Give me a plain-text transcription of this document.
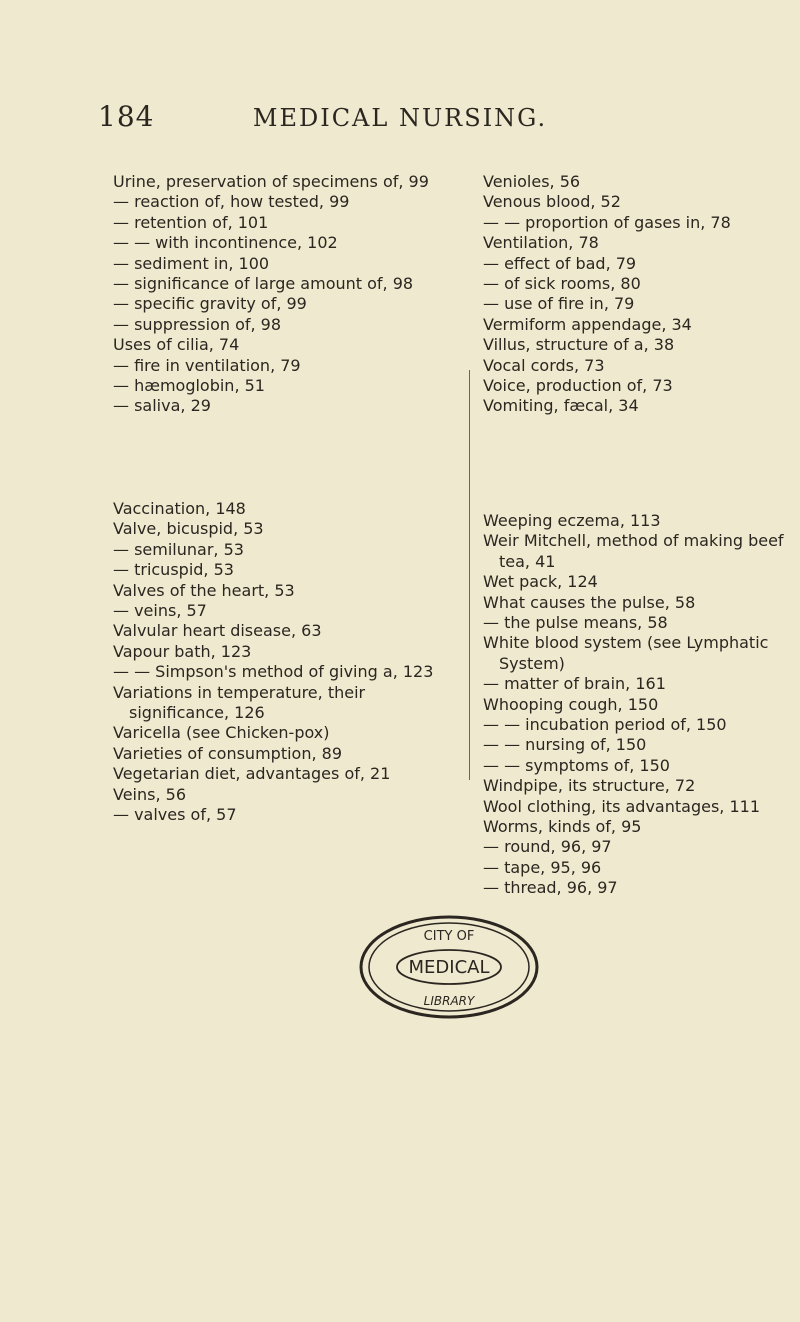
184	MEDICAL NURSING.

Urine, preservation of specimens of, 99

— reaction of, how tested, 99

— retention of, 101

— — with incontinence, 102

— sediment in, 100

— significance of large amount of, 98

— specific gravity of, 99

— suppression of, 98

Uses of cilia, 74

— fire in ventilation, 79

— hæmoglobin, 51

— saliva, 29

Vaccination, 148

Valve, bicuspid, 53

— semilunar, 53

— tricuspid, 53

Valves of the heart, 53

— veins, 57

Valvular heart disease, 63

Vapour bath, 123

— — Simpson's method of giving a, 123

Variations in temperature, their significance, 126

Varicella (see Chicken-pox)

Varieties of consumption, 89

Vegetarian diet, advantages of, 21

Veins, 56

— valves of, 57

Venioles, 56

Venous blood, 52

— — proportion of gases in, 78

Ventilation, 78

— effect of bad, 79

— of sick rooms, 80

— use of fire in, 79

Vermiform appendage, 34

Villus, structure of a, 38

Vocal cords, 73

Voice, production of, 73

Vomiting, fæcal, 34

Weeping eczema, 113

Weir Mitchell, method of making beef tea, 41

Wet pack, 124

What causes the pulse, 58

— the pulse means, 58

White blood system (see Lymphatic System)

— matter of brain, 161

Whooping cough, 150

— — incubation period of, 150

— — nursing of, 150

— — symptoms of, 150

Windpipe, its structure, 72

Wool clothing, its advantages, 111

Worms, kinds of, 95

— round, 96, 97

— tape, 95, 96

— thread, 96, 97

CITY OF
MEDICAL
LIBRARY
